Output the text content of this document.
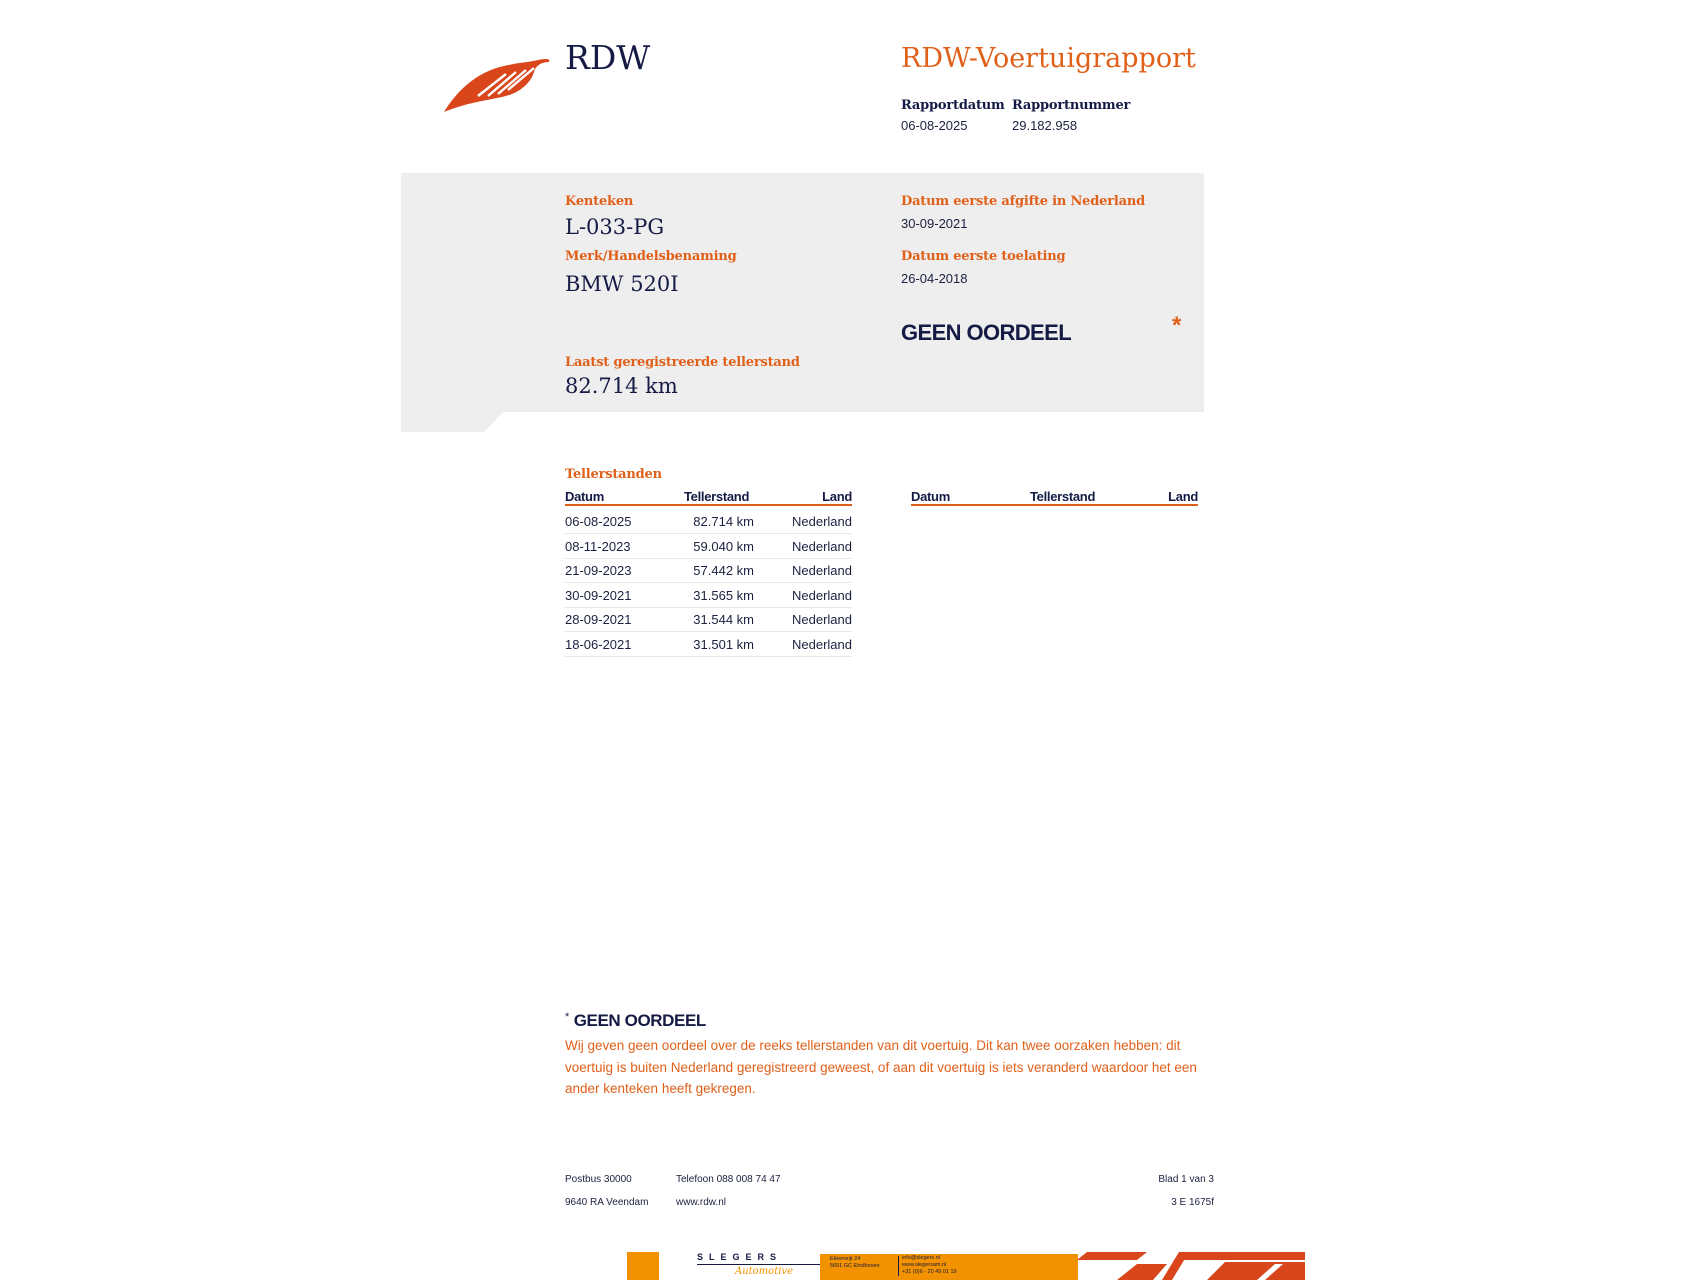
RDW	RDW-Voertuigrapport
Rapportdatum
06-08-2025
Rapportnummer
29.182.958
Kenteken
L-033-PG
Merk/Handelsbenaming
BMW 520I
Laatst geregistreerde tellerstand
82.714 km
Datum eerste afgifte in Nederland
30-09-2021
Datum eerste toelating
26-04-2018
GEEN OORDEEL	*
Tellerstanden
Datum	Tellerstand	Land
06-08-2025	82.714 km	Nederland
08-11-2023	59.040 km	Nederland
21-09-2023	57.442 km	Nederland
30-09-2021	31.565 km	Nederland
28-09-2021	31.544 km	Nederland
18-06-2021	31.501 km	Nederland
Datum	Tellerstand	Land
* GEEN OORDEEL
Wij geven geen oordeel over de reeks tellerstanden van dit voertuig. Dit kan twee oorzaken hebben: dit voertuig is buiten Nederland geregistreerd geweest, of aan dit voertuig is iets veranderd waardoor het een ander kenteken heeft gekregen.
Postbus 30000
9640 RA Veendam
Telefoon 088 008 74 47
www.rdw.nl
Blad 1 van 3
3 E 1675f
SLEGERS
Automotive
Ekkersrijt 24
5651 GC Eindhoven
info@slegers.nl
www.slegersam.nl
+31 (0)6 - 20 49 01 19
